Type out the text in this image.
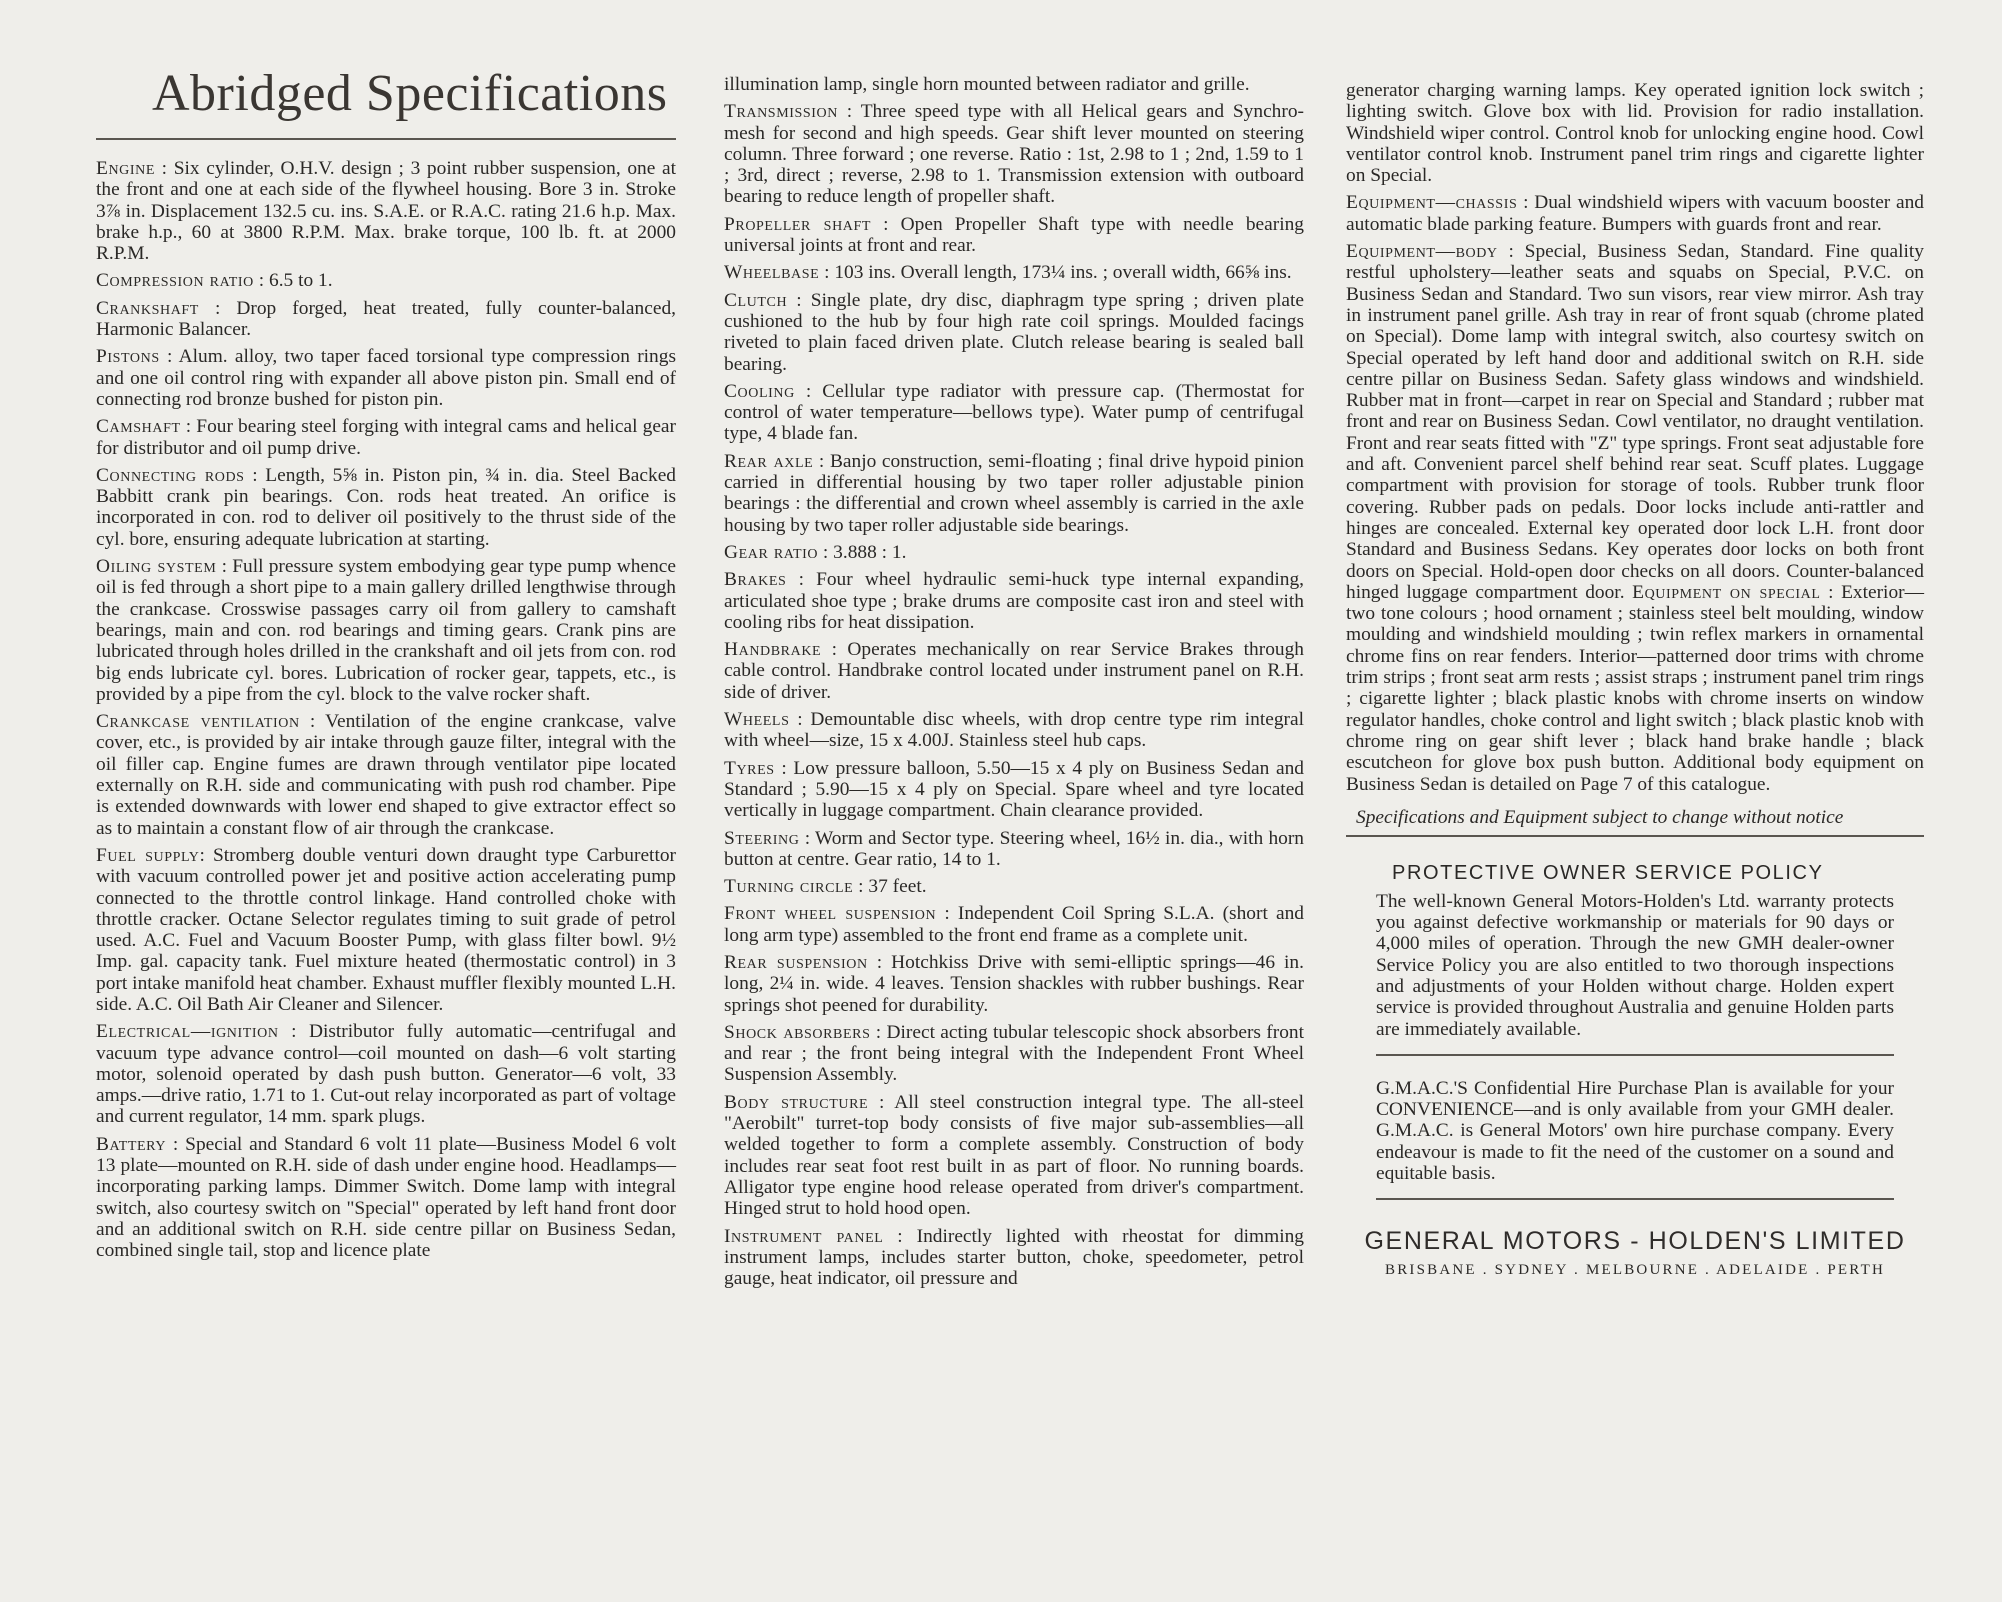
Abridged Specifications

Engine : Six cylinder, O.H.V. design ; 3 point rubber suspension, one at the front and one at each side of the flywheel housing. Bore 3 in. Stroke 3⅞ in. Displacement 132.5 cu. ins. S.A.E. or R.A.C. rating 21.6 h.p. Max. brake h.p., 60 at 3800 R.P.M. Max. brake torque, 100 lb. ft. at 2000 R.P.M.

Compression ratio : 6.5 to 1.

Crankshaft : Drop forged, heat treated, fully counter-balanced, Harmonic Balancer.

Pistons : Alum. alloy, two taper faced torsional type compression rings and one oil control ring with expander all above piston pin. Small end of connecting rod bronze bushed for piston pin.

Camshaft : Four bearing steel forging with integral cams and helical gear for distributor and oil pump drive.

Connecting rods : Length, 5⅝ in. Piston pin, ¾ in. dia. Steel Backed Babbitt crank pin bearings. Con. rods heat treated. An orifice is incorporated in con. rod to deliver oil positively to the thrust side of the cyl. bore, ensuring adequate lubrication at starting.

Oiling system : Full pressure system embodying gear type pump whence oil is fed through a short pipe to a main gallery drilled lengthwise through the crankcase. Crosswise passages carry oil from gallery to camshaft bearings, main and con. rod bearings and timing gears. Crank pins are lubricated through holes drilled in the crankshaft and oil jets from con. rod big ends lubricate cyl. bores. Lubrication of rocker gear, tappets, etc., is provided by a pipe from the cyl. block to the valve rocker shaft.

Crankcase ventilation : Ventilation of the engine crankcase, valve cover, etc., is provided by air intake through gauze filter, integral with the oil filler cap. Engine fumes are drawn through ventilator pipe located externally on R.H. side and communicating with push rod chamber. Pipe is extended downwards with lower end shaped to give extractor effect so as to maintain a constant flow of air through the crankcase.

Fuel supply: Stromberg double venturi down draught type Carburettor with vacuum controlled power jet and positive action accelerating pump connected to the throttle control linkage. Hand controlled choke with throttle cracker. Octane Selector regulates timing to suit grade of petrol used. A.C. Fuel and Vacuum Booster Pump, with glass filter bowl. 9½ Imp. gal. capacity tank. Fuel mixture heated (thermostatic control) in 3 port intake manifold heat chamber. Exhaust muffler flexibly mounted L.H. side. A.C. Oil Bath Air Cleaner and Silencer.

Electrical—ignition : Distributor fully automatic—centrifugal and vacuum type advance control—coil mounted on dash—6 volt starting motor, solenoid operated by dash push button. Generator—6 volt, 33 amps.—drive ratio, 1.71 to 1. Cut-out relay incorporated as part of voltage and current regulator, 14 mm. spark plugs.

Battery : Special and Standard 6 volt 11 plate—Business Model 6 volt 13 plate—mounted on R.H. side of dash under engine hood. Headlamps—incorporating parking lamps. Dimmer Switch. Dome lamp with integral switch, also courtesy switch on "Special" operated by left hand front door and an additional switch on R.H. side centre pillar on Business Sedan, combined single tail, stop and licence plate

illumination lamp, single horn mounted between radiator and grille.

Transmission : Three speed type with all Helical gears and Synchro-mesh for second and high speeds. Gear shift lever mounted on steering column. Three forward ; one reverse. Ratio : 1st, 2.98 to 1 ; 2nd, 1.59 to 1 ; 3rd, direct ; reverse, 2.98 to 1. Transmission extension with outboard bearing to reduce length of propeller shaft.

Propeller shaft : Open Propeller Shaft type with needle bearing universal joints at front and rear.

Wheelbase : 103 ins. Overall length, 173¼ ins. ; overall width, 66⅝ ins.

Clutch : Single plate, dry disc, diaphragm type spring ; driven plate cushioned to the hub by four high rate coil springs. Moulded facings riveted to plain faced driven plate. Clutch release bearing is sealed ball bearing.

Cooling : Cellular type radiator with pressure cap. (Thermostat for control of water temperature—bellows type). Water pump of centrifugal type, 4 blade fan.

Rear axle : Banjo construction, semi-floating ; final drive hypoid pinion carried in differential housing by two taper roller adjustable pinion bearings : the differential and crown wheel assembly is carried in the axle housing by two taper roller adjustable side bearings.

Gear ratio : 3.888 : 1.

Brakes : Four wheel hydraulic semi-huck type internal expanding, articulated shoe type ; brake drums are composite cast iron and steel with cooling ribs for heat dissipation.

Handbrake : Operates mechanically on rear Service Brakes through cable control. Handbrake control located under instrument panel on R.H. side of driver.

Wheels : Demountable disc wheels, with drop centre type rim integral with wheel—size, 15 x 4.00J. Stainless steel hub caps.

Tyres : Low pressure balloon, 5.50—15 x 4 ply on Business Sedan and Standard ; 5.90—15 x 4 ply on Special. Spare wheel and tyre located vertically in luggage compartment. Chain clearance provided.

Steering : Worm and Sector type. Steering wheel, 16½ in. dia., with horn button at centre. Gear ratio, 14 to 1.

Turning circle : 37 feet.

Front wheel suspension : Independent Coil Spring S.L.A. (short and long arm type) assembled to the front end frame as a complete unit.

Rear suspension : Hotchkiss Drive with semi-elliptic springs—46 in. long, 2¼ in. wide. 4 leaves. Tension shackles with rubber bushings. Rear springs shot peened for durability.

Shock absorbers : Direct acting tubular telescopic shock absorbers front and rear ; the front being integral with the Independent Front Wheel Suspension Assembly.

Body structure : All steel construction integral type. The all-steel "Aerobilt" turret-top body consists of five major sub-assemblies—all welded together to form a complete assembly. Construction of body includes rear seat foot rest built in as part of floor. No running boards. Alligator type engine hood release operated from driver's compartment. Hinged strut to hold hood open.

Instrument panel : Indirectly lighted with rheostat for dimming instrument lamps, includes starter button, choke, speedometer, petrol gauge, heat indicator, oil pressure and

generator charging warning lamps. Key operated ignition lock switch ; lighting switch. Glove box with lid. Provision for radio installation. Windshield wiper control. Control knob for unlocking engine hood. Cowl ventilator control knob. Instrument panel trim rings and cigarette lighter on Special.

Equipment—chassis : Dual windshield wipers with vacuum booster and automatic blade parking feature. Bumpers with guards front and rear.

Equipment—body : Special, Business Sedan, Standard. Fine quality restful upholstery—leather seats and squabs on Special, P.V.C. on Business Sedan and Standard. Two sun visors, rear view mirror. Ash tray in instrument panel grille. Ash tray in rear of front squab (chrome plated on Special). Dome lamp with integral switch, also courtesy switch on Special operated by left hand door and additional switch on R.H. side centre pillar on Business Sedan. Safety glass windows and windshield. Rubber mat in front—carpet in rear on Special and Standard ; rubber mat front and rear on Business Sedan. Cowl ventilator, no draught ventilation. Front and rear seats fitted with "Z" type springs. Front seat adjustable fore and aft. Convenient parcel shelf behind rear seat. Scuff plates. Luggage compartment with provision for storage of tools. Rubber trunk floor covering. Rubber pads on pedals. Door locks include anti-rattler and hinges are concealed. External key operated door lock L.H. front door Standard and Business Sedans. Key operates door locks on both front doors on Special. Hold-open door checks on all doors. Counter-balanced hinged luggage compartment door. Equipment on special : Exterior—two tone colours ; hood ornament ; stainless steel belt moulding, window moulding and windshield moulding ; twin reflex markers in ornamental chrome fins on rear fenders. Interior—patterned door trims with chrome trim strips ; front seat arm rests ; assist straps ; instrument panel trim rings ; cigarette lighter ; black plastic knobs with chrome inserts on window regulator handles, choke control and light switch ; black plastic knob with chrome ring on gear shift lever ; black hand brake handle ; black escutcheon for glove box push button. Additional body equipment on Business Sedan is detailed on Page 7 of this catalogue.

Specifications and Equipment subject to change without notice

PROTECTIVE OWNER SERVICE POLICY

The well-known General Motors-Holden's Ltd. warranty protects you against defective workmanship or materials for 90 days or 4,000 miles of operation. Through the new GMH dealer-owner Service Policy you are also entitled to two thorough inspections and adjustments of your Holden without charge. Holden expert service is provided throughout Australia and genuine Holden parts are immediately available.

G.M.A.C.'S Confidential Hire Purchase Plan is available for your CONVENIENCE—and is only available from your GMH dealer. G.M.A.C. is General Motors' own hire purchase company. Every endeavour is made to fit the need of the customer on a sound and equitable basis.

GENERAL MOTORS - HOLDEN'S LIMITED
BRISBANE . SYDNEY . MELBOURNE . ADELAIDE . PERTH
